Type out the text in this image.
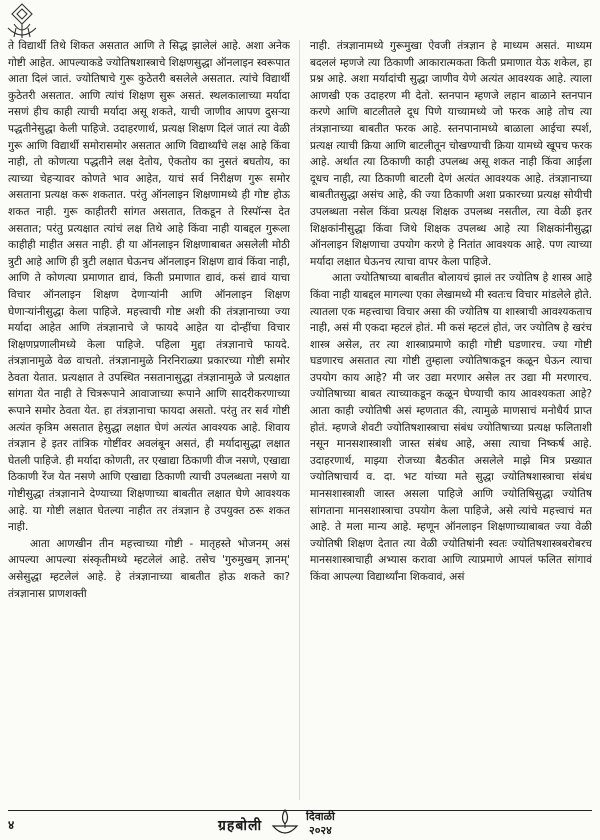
ते विद्यार्थी तिथे शिकत असतात आणि ते सिद्ध झालेलं आहे. अशा अनेक गोष्टी आहेत. आपल्याकडे ज्योतिषशास्त्राचे शिक्षणसुद्धा ऑनलाइन स्वरूपात आता दिलं जातं. ज्योतिषाचे गुरू कुठेतरी बसलेले असतात. त्यांचे विद्यार्थी कुठेतरी असतात. आणि त्यांचं शिक्षण सुरू असतं. स्थलकालाच्या मर्यादा नसणं हीच काही त्याची मर्यादा असू शकते, याची जाणीव आपण दुसऱ्या पद्धतीनेसुद्धा केली पाहिजे. उदाहरणार्थ, प्रत्यक्ष शिक्षण दिलं जातं त्या वेळी गुरू आणि विद्यार्थी समोरासमोर असतात आणि विद्यार्थ्यांचे लक्ष आहे किंवा नाही, तो कोणत्या पद्धतीने लक्ष देतोय, ऐकतोय का नुसतं बघतोय, का त्याच्या चेहऱ्यावर कोणते भाव आहेत, याचं सर्व निरीक्षण गुरू समोर असताना प्रत्यक्ष करू शकतात. परंतु ऑनलाइन शिक्षणामध्ये ही गोष्ट होऊ शकत नाही. गुरू काहीतरी सांगत असतात, तिकडून ते रिस्पॉन्स देत असतात; परंतु प्रत्यक्षात त्यांचं लक्ष तिथे आहे किंवा नाही याबद्दल गुरूला काहीही माहीत असत नाही. ही या ऑनलाइन शिक्षणाबाबत असलेली मोठी त्रुटी आहे आणि ही त्रुटी लक्षात घेऊनच ऑनलाइन शिक्षण द्यावं किंवा नाही, आणि ते कोणत्या प्रमाणात द्यावं, किती प्रमाणात द्यावं, कसं द्यावं याचा विचार ऑनलाइन शिक्षण देणाऱ्यांनी आणि ऑनलाइन शिक्षण घेणाऱ्यांनीसुद्धा केला पाहिजे. महत्त्वाची गोष्ट अशी की तंत्रज्ञानाच्या ज्या मर्यादा आहेत आणि तंत्रज्ञानाचे जे फायदे आहेत या दोन्हींचा विचार शिक्षणप्रणालीमध्ये केला पाहिजे. पहिला मुद्दा तंत्रज्ञानाचे फायदे. तंत्रज्ञानामुळे वेळ वाचतो. तंत्रज्ञानामुळे निरनिराळ्या प्रकारच्या गोष्टी समोर ठेवता येतात. प्रत्यक्षात ते उपस्थित नसतानासुद्धा तंत्रज्ञानामुळे जे प्रत्यक्षात सांगता येत नाही ते चित्ररूपाने आवाजाच्या रूपाने आणि सादरीकरणाच्या रूपाने समोर ठेवता येत. हा तंत्रज्ञानाचा फायदा असतो. परंतु तर सर्व गोष्टी अत्यंत कृत्रिम असतात हेसुद्धा लक्षात घेणं अत्यंत आवश्यक आहे. शिवाय तंत्रज्ञान हे इतर तांत्रिक गोष्टींवर अवलंबून असतं, ही मर्यादासुद्धा लक्षात घेतली पाहिजे. ही मर्यादा कोणती, तर एखाद्या ठिकाणी वीज नसणे, एखाद्या ठिकाणी रेंज येत नसणे आणि एखाद्या ठिकाणी त्याची उपलब्धता नसणे या गोष्टीसुद्धा तंत्रज्ञानाने देण्याच्या शिक्षणाच्या बाबतीत लक्षात घेणे आवश्यक आहे. या गोष्टी लक्षात घेतल्या नाहीत तर तंत्रज्ञान हे उपयुक्त ठरू शकत नाही.

आता आणखीन तीन महत्त्वाच्या गोष्टी - मातृहस्ते भोजनम् असं आपल्या आपल्या संस्कृतीमध्ये म्हटलेलं आहे. तसेच 'गुरुमुखम् ज्ञानम्' असेसुद्धा म्हटलेलं आहे. हे तंत्रज्ञानाच्या बाबतीत होऊ शकते का? तंत्रज्ञानास प्राणशक्ती

नाही. तंत्रज्ञानामध्ये गुरूमुखा ऐवजी तंत्रज्ञान हे माध्यम असतं. माध्यम बदललं म्हणजे त्या ठिकाणी आकारात्मकता किती प्रमाणात येऊ शकेल, हा प्रश्न आहे. अशा मर्यादांची सुद्धा जाणीव येणे अत्यंत आवश्यक आहे. त्याला आणखी एक उदाहरण मी देतो. स्तनपान म्हणजे लहान बाळाने स्तनपान करणे आणि बाटलीतले दूध पिणे याच्यामध्ये जो फरक आहे तोच त्या तंत्रज्ञानाच्या बाबतीत फरक आहे. स्तनपानामध्ये बाळाला आईचा स्पर्श, प्रत्यक्ष त्याची क्रिया आणि बाटलीतून चोखण्याची क्रिया यामध्ये खूपच फरक आहे. अर्थात त्या ठिकाणी काही उपलब्ध असू शकत नाही किंवा आईला दूधच नाही, त्या ठिकाणी बाटली देणं अत्यंत आवश्यक आहे. तंत्रज्ञानाच्या बाबतीतसुद्धा असंच आहे, की ज्या ठिकाणी अशा प्रकारच्या प्रत्यक्ष सोयीची उपलब्धता नसेल किंवा प्रत्यक्ष शिक्षक उपलब्ध नसतील, त्या वेळी इतर शिक्षकांनीसुद्धा किंवा जिथे शिक्षक उपलब्ध आहे त्या शिक्षकांनीसुद्धा ऑनलाइन शिक्षणाचा उपयोग करणे हे नितांत आवश्यक आहे. पण त्याच्या मर्यादा लक्षात घेऊनच त्याचा वापर केला पाहिजे.

आता ज्योतिषाच्या बाबतीत बोलायचं झालं तर ज्योतिष हे शास्त्र आहे किंवा नाही याबद्दल मागल्या एका लेखामध्ये मी स्वतःच विचार मांडलेले होते. त्यातला एक महत्त्वाचा विचार असा की ज्योतिष या शास्त्राची आवश्यकताच नाही, असं मी एकदा म्हटलं होतं. मी कसं म्हटलं होतं, जर ज्योतिष हे खरंच शास्त्र असेल, तर त्या शास्त्राप्रमाणे काही गोष्टी घडणारच. ज्या गोष्टी घडणारच असतात त्या गोष्टी तुम्हाला ज्योतिषाकडून कळून घेऊन त्याचा उपयोग काय आहे? मी जर उद्या मरणार असेल तर उद्या मी मरणारच. ज्योतिषाच्या बाबत त्याच्याकडून कळून घेण्याची काय आवश्यकता आहे? आता काही ज्योतिषी असं म्हणतात की, त्यामुळे माणसाचं मनोधैर्य प्राप्त होतं. म्हणजे शेवटी ज्योतिषशास्त्राचा संबंध ज्योतिषाच्या प्रत्यक्ष फलिताशी नसून मानसशास्त्राशी जास्त संबंध आहे, असा त्याचा निष्कर्ष आहे. उदाहरणार्थ, माझ्या रोजच्या बैठकीत असलेले माझे मित्र प्रख्यात ज्योतिषाचार्य व. दा. भट यांच्या मते सुद्धा ज्योतिषशास्त्राचा संबंध मानसशास्त्राशी जास्त असला पाहिजे आणि ज्योतिषिसुद्धा ज्योतिष सांगताना मानसशास्त्राचा उपयोग केला पाहिजे, असे त्यांचे महत्त्वाचं मत आहे. ते मला मान्य आहे. म्हणून ऑनलाइन शिक्षणाच्याबाबत ज्या वेळी ज्योतिषी शिक्षण देतात त्या वेळी ज्योतिषांनी स्वतः ज्योतिषशास्त्रबरोबरच मानसशास्त्राचाही अभ्यास करावा आणि त्याप्रमाणे आपलं फलित सांगावं किंवा आपल्या विद्यार्थ्यांना शिकवावं, असं

४	ग्रहबोली
दिवाळी
२०२४
